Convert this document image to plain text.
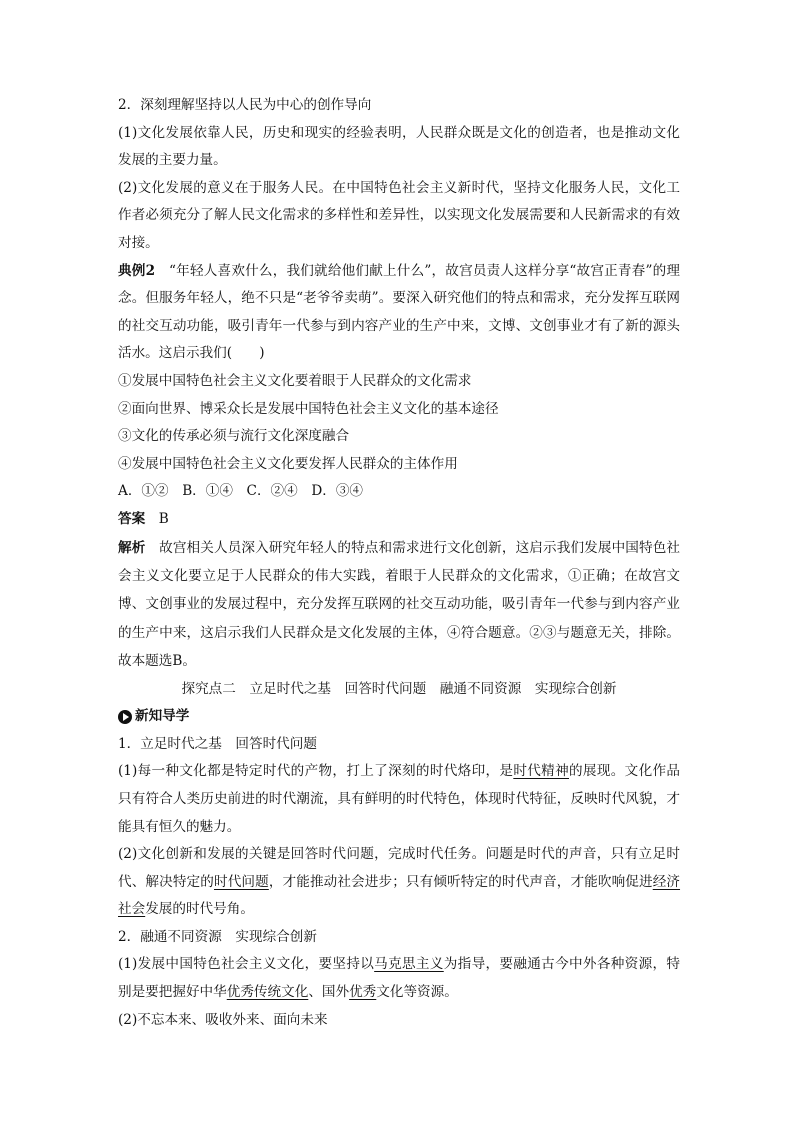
2．深刻理解坚持以人民为中心的创作导向

(1)文化发展依靠人民，历史和现实的经验表明，人民群众既是文化的创造者，也是推动文化发展的主要力量。

(2)文化发展的意义在于服务人民。在中国特色社会主义新时代，坚持文化服务人民，文化工作者必须充分了解人民文化需求的多样性和差异性，以实现文化发展需要和人民新需求的有效对接。

典例2　 “年轻人喜欢什么，我们就给他们献上什么”，故宫员责人这样分享“故宫正青春”的理念。但服务年轻人，绝不只是“老爷爷卖萌”。要深入研究他们的特点和需求，充分发挥互联网的社交互动功能，吸引青年一代参与到内容产业的生产中来，文博、文创事业才有了新的源头活水。这启示我们(　　)

①发展中国特色社会主义文化要着眼于人民群众的文化需求

②面向世界、博采众长是发展中国特色社会主义文化的基本途径

③文化的传承必须与流行文化深度融合

④发展中国特色社会主义文化要发挥人民群众的主体作用

A．①②　B．①④　C．②④　D．③④

答案　 B

解析　 故宫相关人员深入研究年轻人的特点和需求进行文化创新，这启示我们发展中国特色社会主义文化要立足于人民群众的伟大实践，着眼于人民群众的文化需求，①正确；在故宫文博、文创事业的发展过程中，充分发挥互联网的社交互动功能，吸引青年一代参与到内容产业的生产中来，这启示我们人民群众是文化发展的主体，④符合题意。②③与题意无关，排除。故本题选B。

探究点二　立足时代之基　回答时代问题　融通不同资源　实现综合创新

新知导学

1．立足时代之基　回答时代问题

(1)每一种文化都是特定时代的产物，打上了深刻的时代烙印，是时代精神的展现。文化作品只有符合人类历史前进的时代潮流，具有鲜明的时代特色，体现时代特征，反映时代风貌，才能具有恒久的魅力。

(2)文化创新和发展的关键是回答时代问题，完成时代任务。问题是时代的声音，只有立足时代、解决特定的时代问题，才能推动社会进步；只有倾听特定的时代声音，才能吹响促进经济社会发展的时代号角。

2．融通不同资源　实现综合创新

(1)发展中国特色社会主义文化，要坚持以马克思主义为指导，要融通古今中外各种资源，特别是要把握好中华优秀传统文化、国外优秀文化等资源。

(2)不忘本来、吸收外来、面向未来
